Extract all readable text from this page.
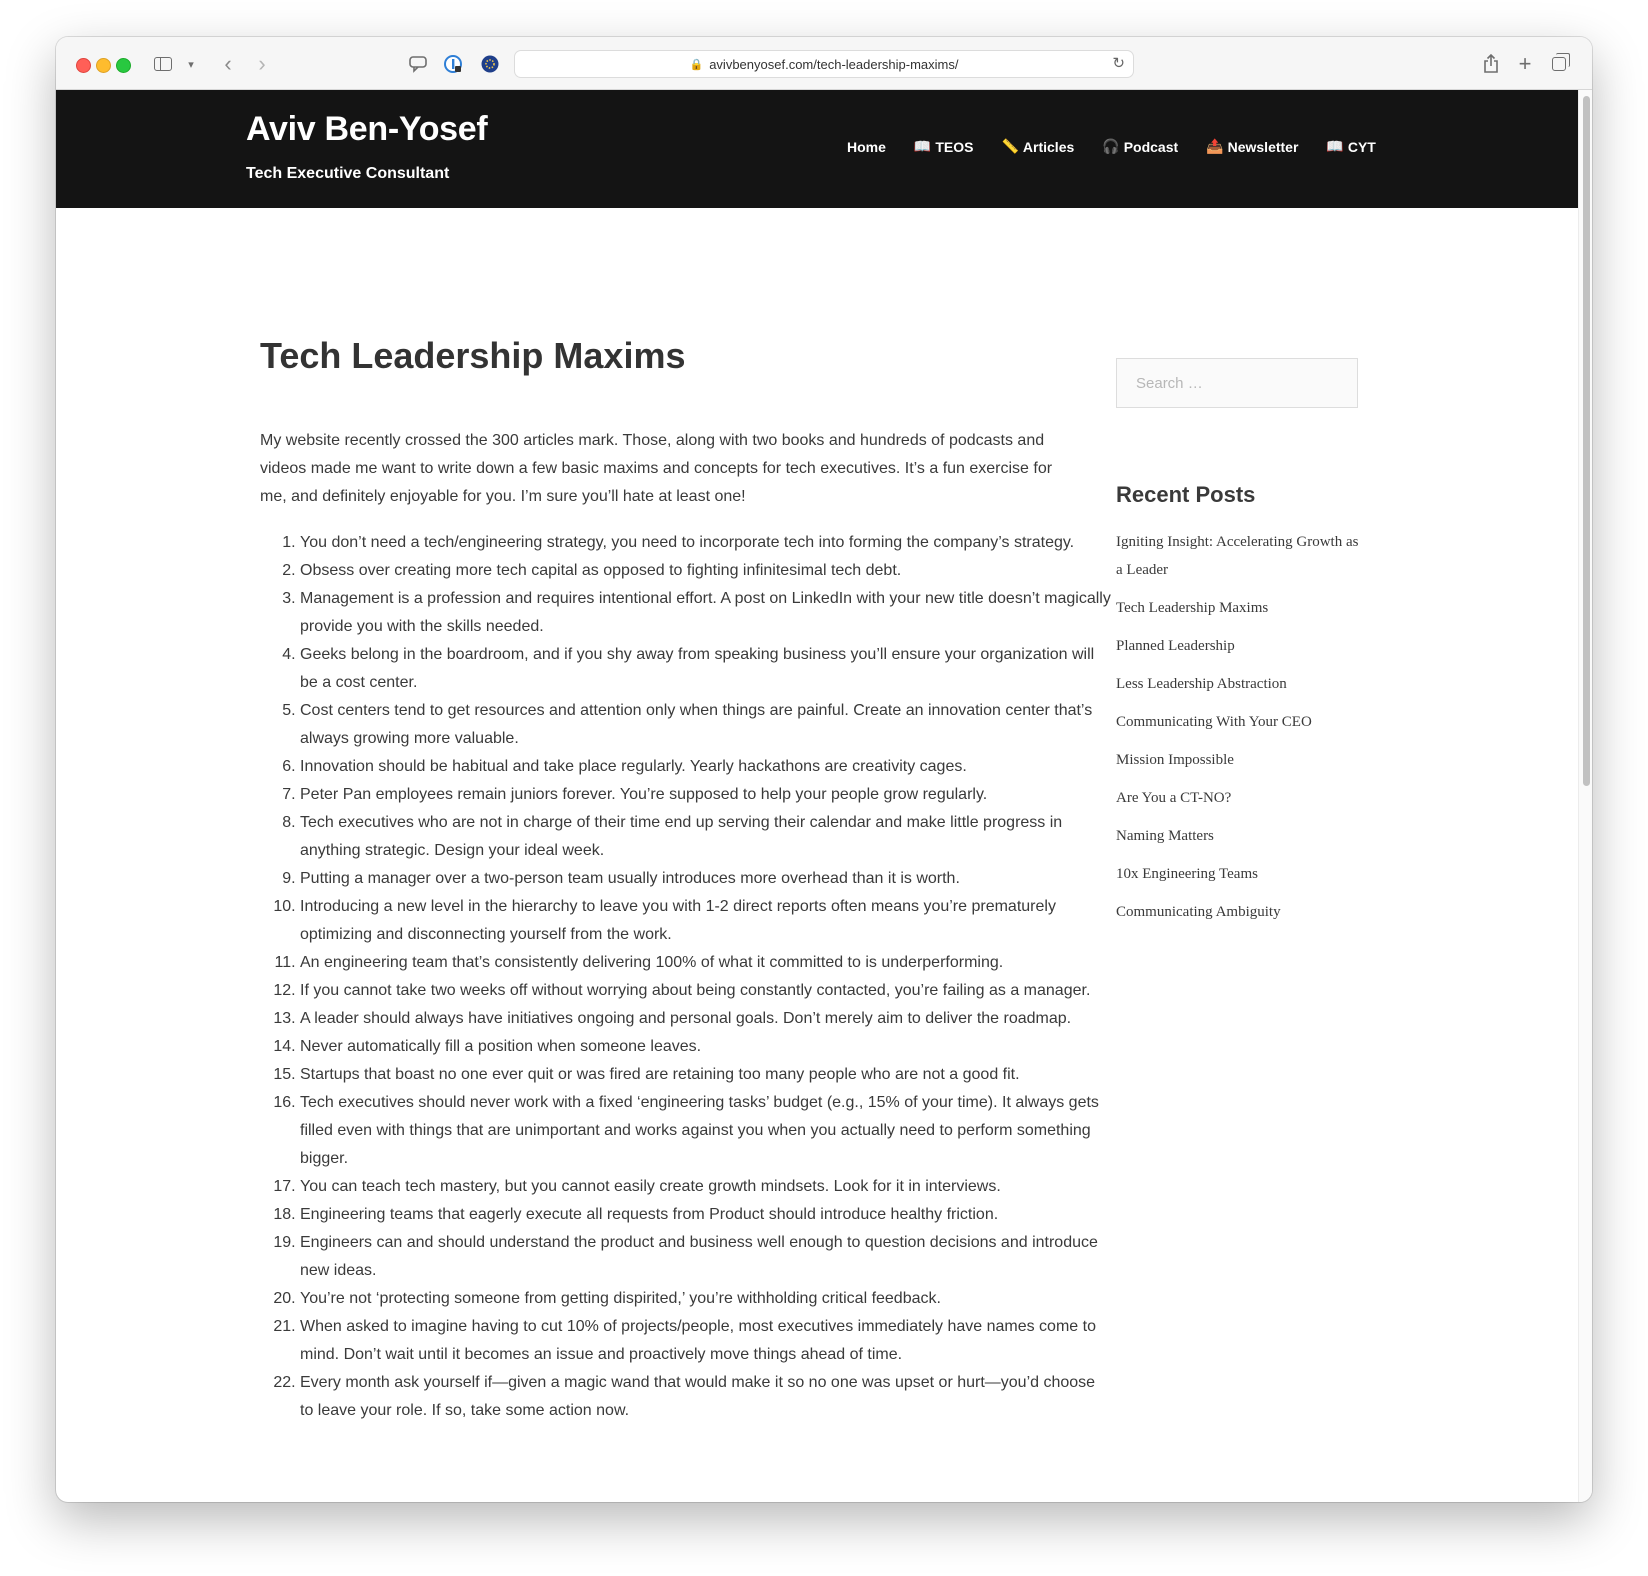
▾ ‹ ›	🔒 avivbenyosef.com/tech-leadership-maxims/	↻	+
Aviv Ben-Yosef
Tech Executive Consultant
Home 📖 TEOS 📏 Articles 🎧 Podcast 📤 Newsletter 📖 CYT
Tech Leadership Maxims

My website recently crossed the 300 articles mark. Those, along with two books and hundreds of podcasts and videos made me want to write down a few basic maxims and concepts for tech executives. It’s a fun exercise for me, and definitely enjoyable for you. I’m sure you’ll hate at least one!

1. You don’t need a tech/engineering strategy, you need to incorporate tech into forming the company’s strategy.
2. Obsess over creating more tech capital as opposed to fighting infinitesimal tech debt.
3. Management is a profession and requires intentional effort. A post on LinkedIn with your new title doesn’t magically provide you with the skills needed.
4. Geeks belong in the boardroom, and if you shy away from speaking business you’ll ensure your organization will be a cost center.
5. Cost centers tend to get resources and attention only when things are painful. Create an innovation center that’s always growing more valuable.
6. Innovation should be habitual and take place regularly. Yearly hackathons are creativity cages.
7. Peter Pan employees remain juniors forever. You’re supposed to help your people grow regularly.
8. Tech executives who are not in charge of their time end up serving their calendar and make little progress in anything strategic. Design your ideal week.
9. Putting a manager over a two-person team usually introduces more overhead than it is worth.
10. Introducing a new level in the hierarchy to leave you with 1-2 direct reports often means you’re prematurely optimizing and disconnecting yourself from the work.
11. An engineering team that’s consistently delivering 100% of what it committed to is underperforming.
12. If you cannot take two weeks off without worrying about being constantly contacted, you’re failing as a manager.
13. A leader should always have initiatives ongoing and personal goals. Don’t merely aim to deliver the roadmap.
14. Never automatically fill a position when someone leaves.
15. Startups that boast no one ever quit or was fired are retaining too many people who are not a good fit.
16. Tech executives should never work with a fixed ‘engineering tasks’ budget (e.g., 15% of your time). It always gets filled even with things that are unimportant and works against you when you actually need to perform something bigger.
17. You can teach tech mastery, but you cannot easily create growth mindsets. Look for it in interviews.
18. Engineering teams that eagerly execute all requests from Product should introduce healthy friction.
19. Engineers can and should understand the product and business well enough to question decisions and introduce new ideas.
20. You’re not ‘protecting someone from getting dispirited,’ you’re withholding critical feedback.
21. When asked to imagine having to cut 10% of projects/people, most executives immediately have names come to mind. Don’t wait until it becomes an issue and proactively move things ahead of time.
22. Every month ask yourself if—given a magic wand that would make it so no one was upset or hurt—you’d choose to leave your role. If so, take some action now.
Search …
Recent Posts
Igniting Insight: Accelerating Growth as a Leader
Tech Leadership Maxims
Planned Leadership
Less Leadership Abstraction
Communicating With Your CEO
Mission Impossible
Are You a CT-NO?
Naming Matters
10x Engineering Teams
Communicating Ambiguity
